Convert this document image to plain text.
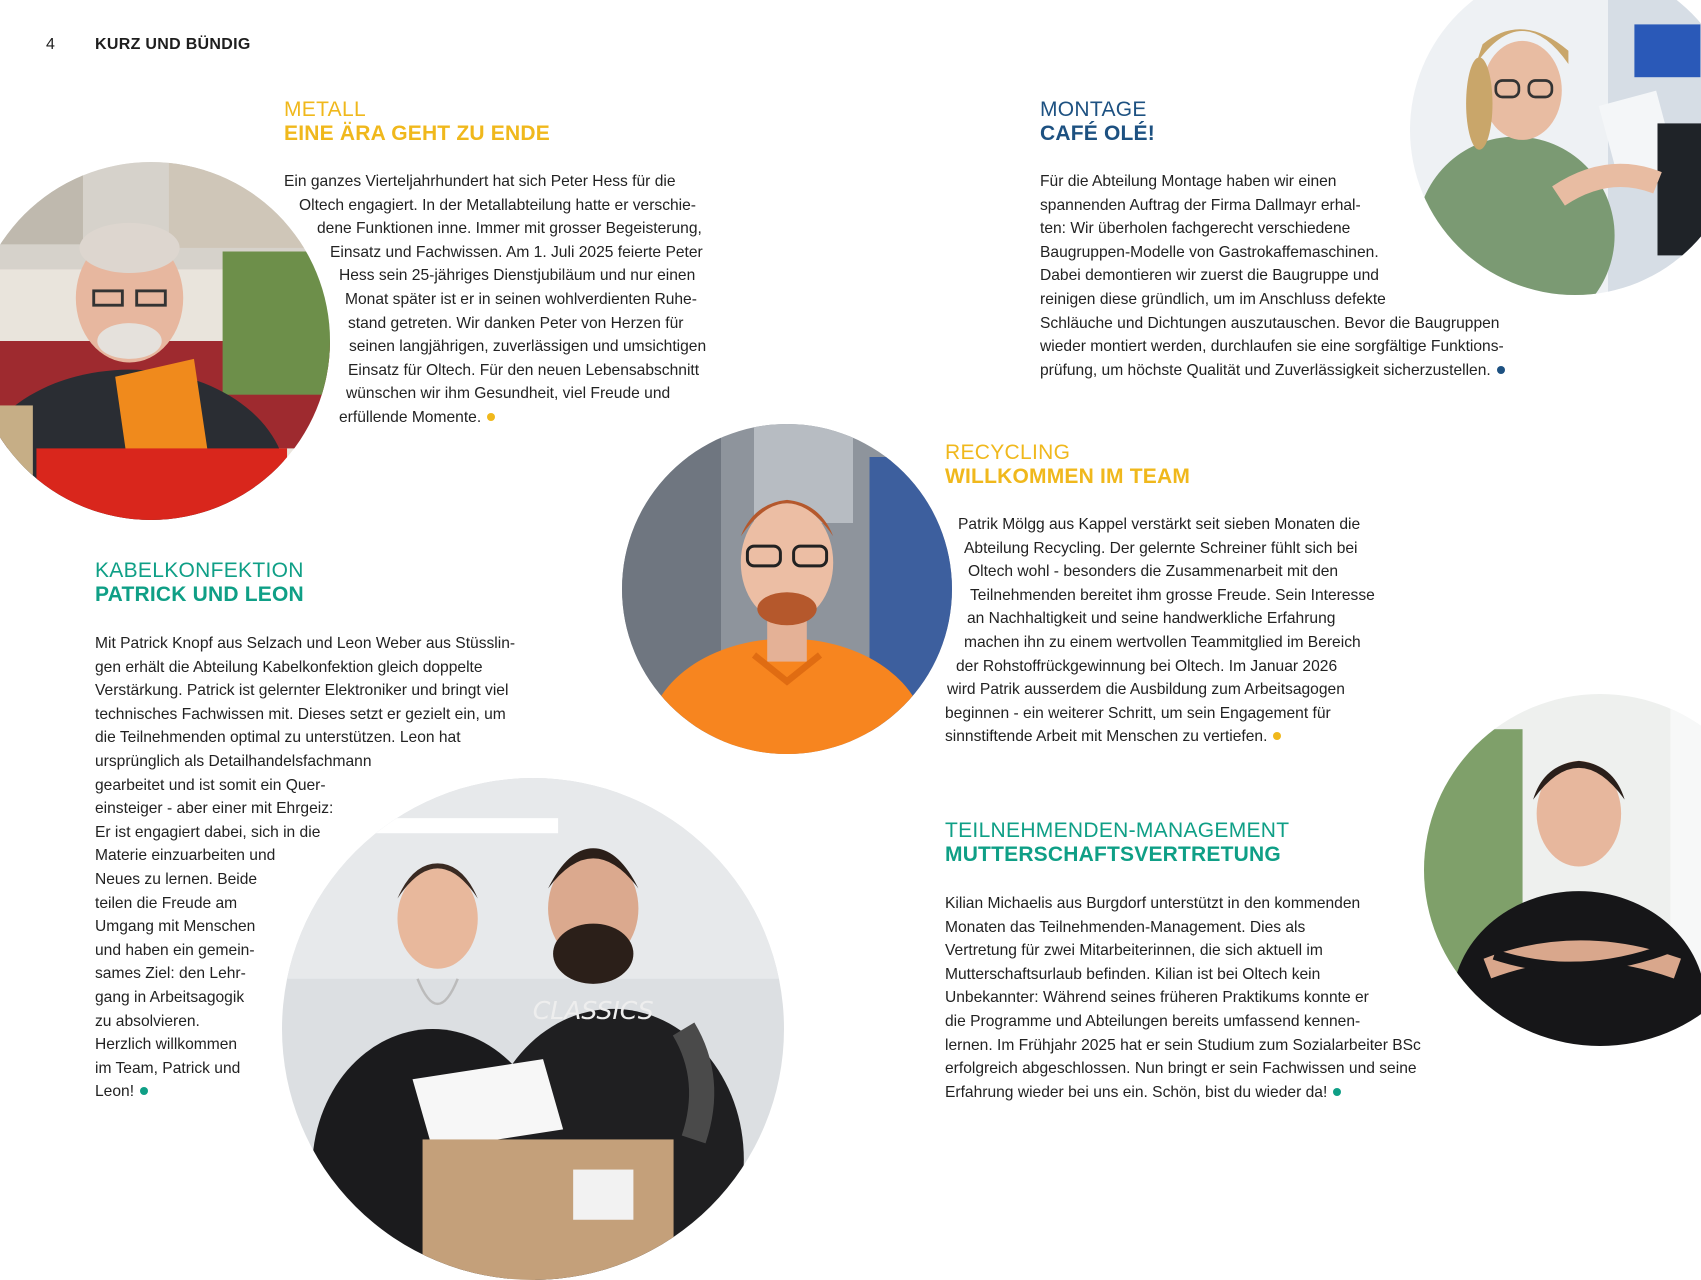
4	KURZ UND BÜNDIG
CLASSICS
METALL
EINE ÄRA GEHT ZU ENDE
Ein ganzes Vierteljahrhundert hat sich Peter Hess für die
Oltech engagiert. In der Metallabteilung hatte er verschie-
dene Funktionen inne. Immer mit grosser Begeisterung,
Einsatz und Fachwissen. Am 1. Juli 2025 feierte Peter
Hess sein 25-jähriges Dienstjubiläum und nur einen
Monat später ist er in seinen wohlverdienten Ruhe-
stand getreten. Wir danken Peter von Herzen für
seinen langjährigen, zuverlässigen und umsichtigen
Einsatz für Oltech. Für den neuen Lebensabschnitt
wünschen wir ihm Gesundheit, viel Freude und
erfüllende Momente.
MONTAGE
CAFÉ OLÉ!
Für die Abteilung Montage haben wir einen
spannenden Auftrag der Firma Dallmayr erhal-
ten: Wir überholen fachgerecht verschiedene
Baugruppen-Modelle von Gastrokaffemaschinen.
Dabei demontieren wir zuerst die Baugruppe und
reinigen diese gründlich, um im Anschluss defekte
Schläuche und Dichtungen auszutauschen. Bevor die Baugruppen
wieder montiert werden, durchlaufen sie eine sorgfältige Funktions-
prüfung, um höchste Qualität und Zuverlässigkeit sicherzustellen.
RECYCLING
WILLKOMMEN IM TEAM
Patrik Mölgg aus Kappel verstärkt seit sieben Monaten die
Abteilung Recycling. Der gelernte Schreiner fühlt sich bei
Oltech wohl - besonders die Zusammenarbeit mit den
Teilnehmenden bereitet ihm grosse Freude. Sein Interesse
an Nachhaltigkeit und seine handwerkliche Erfahrung
machen ihn zu einem wertvollen Teammitglied im Bereich
der Rohstoffrückgewinnung bei Oltech. Im Januar 2026
wird Patrik ausserdem die Ausbildung zum Arbeitsagogen
beginnen - ein weiterer Schritt, um sein Engagement für
sinnstiftende Arbeit mit Menschen zu vertiefen.
KABELKONFEKTION
PATRICK UND LEON
Mit Patrick Knopf aus Selzach und Leon Weber aus Stüsslin-
gen erhält die Abteilung Kabelkonfektion gleich doppelte
Verstärkung. Patrick ist gelernter Elektroniker und bringt viel
technisches Fachwissen mit. Dieses setzt er gezielt ein, um
die Teilnehmenden optimal zu unterstützen. Leon hat
ursprünglich als Detailhandelsfachmann
gearbeitet und ist somit ein Quer-
einsteiger - aber einer mit Ehrgeiz:
Er ist engagiert dabei, sich in die
Materie einzuarbeiten und
Neues zu lernen. Beide
teilen die Freude am
Umgang mit Menschen
und haben ein gemein-
sames Ziel: den Lehr-
gang in Arbeitsagogik
zu absolvieren.
Herzlich willkommen
im Team, Patrick und
Leon!
TEILNEHMENDEN-MANAGEMENT
MUTTERSCHAFTSVERTRETUNG
Kilian Michaelis aus Burgdorf unterstützt in den kommenden
Monaten das Teilnehmenden-Management. Dies als
Vertretung für zwei Mitarbeiterinnen, die sich aktuell im
Mutterschaftsurlaub befinden. Kilian ist bei Oltech kein
Unbekannter: Während seines früheren Praktikums konnte er
die Programme und Abteilungen bereits umfassend kennen-
lernen. Im Frühjahr 2025 hat er sein Studium zum Sozialarbeiter BSc
erfolgreich abgeschlossen. Nun bringt er sein Fachwissen und seine
Erfahrung wieder bei uns ein. Schön, bist du wieder da!
